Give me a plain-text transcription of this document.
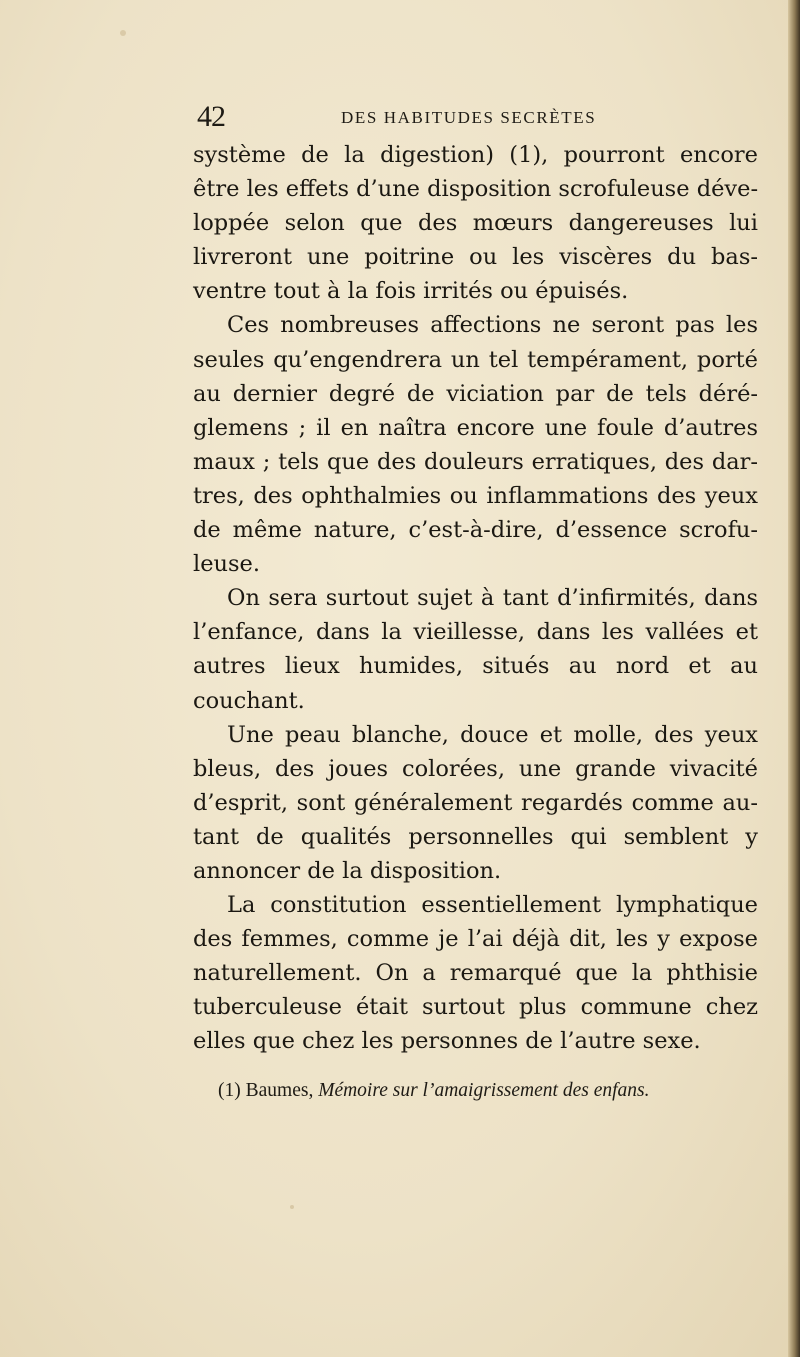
42	DES HABITUDES SECRÈTES
système de la digestion) (1), pourront encore
être les effets d’une disposition scrofuleuse déve-
loppée selon que des mœurs dangereuses lui
livreront une poitrine ou les viscères du bas-
ventre tout à la fois irrités ou épuisés.
Ces nombreuses affections ne seront pas les
seules qu’engendrera un tel tempérament, porté
au dernier degré de viciation par de tels déré-
glemens ; il en naîtra encore une foule d’autres
maux ; tels que des douleurs erratiques, des dar-
tres, des ophthalmies ou inflammations des yeux
de même nature, c’est-à-dire, d’essence scrofu-
leuse.
On sera surtout sujet à tant d’infirmités, dans
l’enfance, dans la vieillesse, dans les vallées et
autres lieux humides, situés au nord et au
couchant.
Une peau blanche, douce et molle, des yeux
bleus, des joues colorées, une grande vivacité
d’esprit, sont généralement regardés comme au-
tant de qualités personnelles qui semblent y
annoncer de la disposition.
La constitution essentiellement lymphatique
des femmes, comme je l’ai déjà dit, les y expose
naturellement. On a remarqué que la phthisie
tuberculeuse était surtout plus commune chez
elles que chez les personnes de l’autre sexe.
(1) Baumes, Mémoire sur l’amaigrissement des enfans.
